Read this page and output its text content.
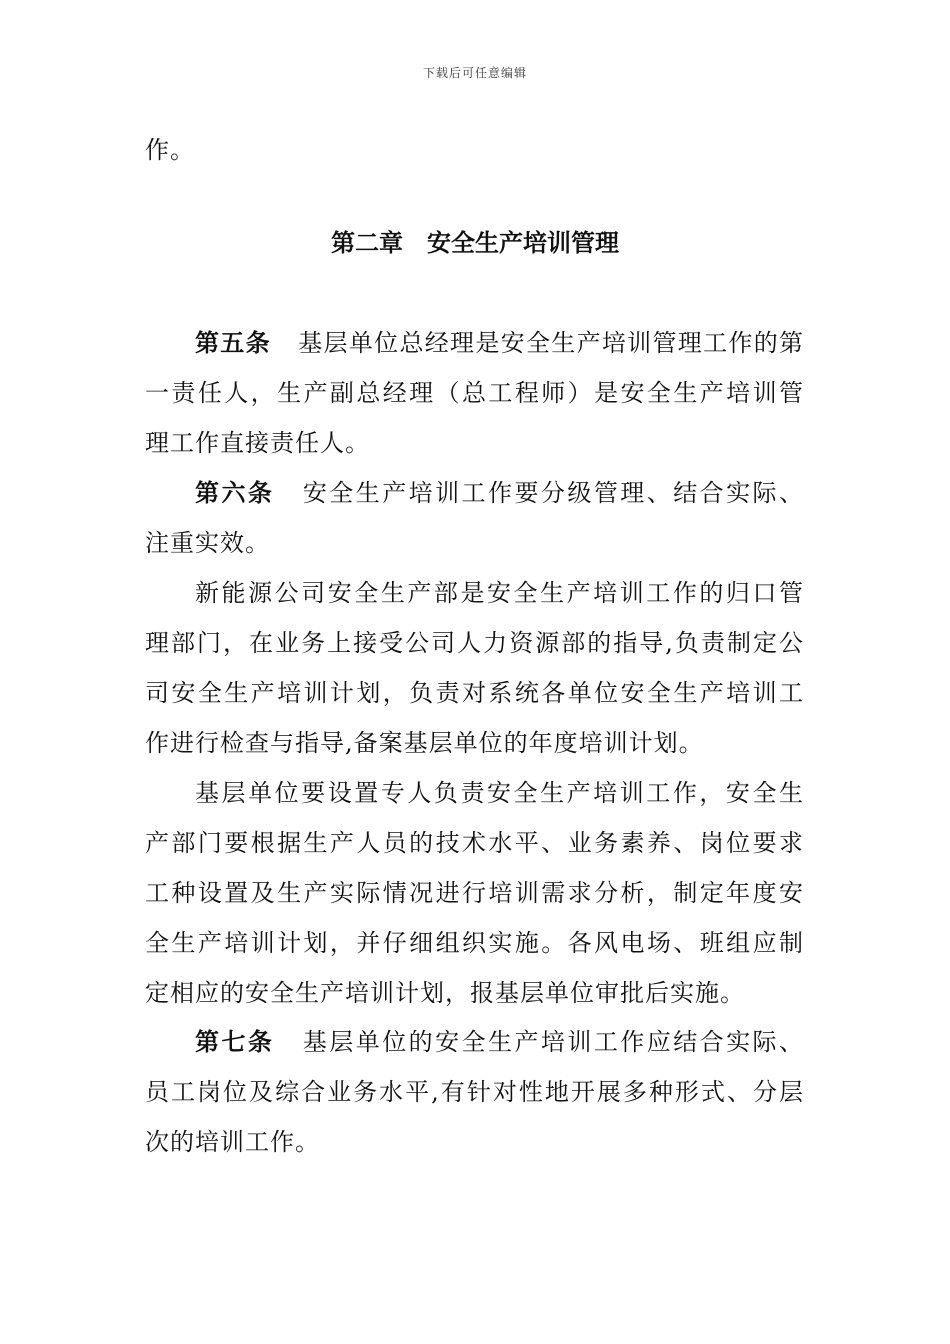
下载后可任意编辑
作。
第二章　安全生产培训管理
第五条 基层单位总经理是安全生产培训管理工作的第
一责任人，生产副总经理（总工程师）是安全生产培训管
理工作直接责任人。
第六条 安全生产培训工作要分级管理、结合实际、
注重实效。
新能源公司安全生产部是安全生产培训工作的归口管
理部门，在业务上接受公司人力资源部的指导,负责制定公
司安全生产培训计划，负责对系统各单位安全生产培训工
作进行检查与指导,备案基层单位的年度培训计划。
基层单位要设置专人负责安全生产培训工作，安全生
产部门要根据生产人员的技术水平、业务素养、岗位要求
工种设置及生产实际情况进行培训需求分析，制定年度安
全生产培训计划，并仔细组织实施。各风电场、班组应制
定相应的安全生产培训计划，报基层单位审批后实施。
第七条 基层单位的安全生产培训工作应结合实际、
员工岗位及综合业务水平,有针对性地开展多种形式、分层
次的培训工作。
